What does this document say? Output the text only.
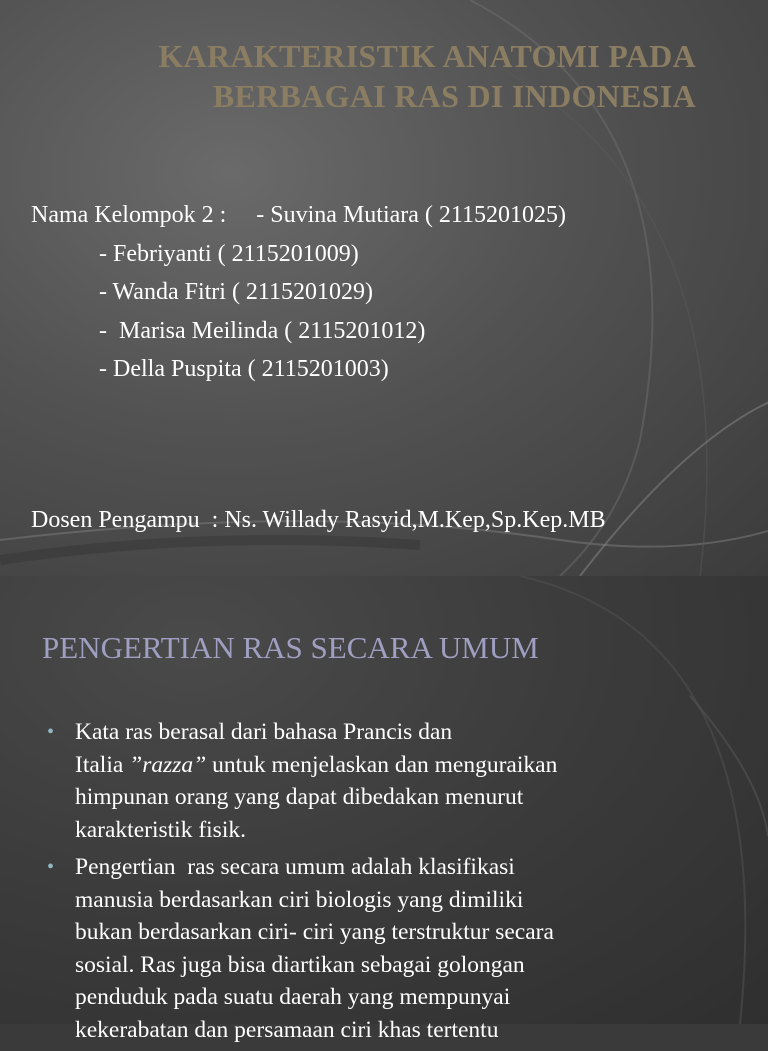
KARAKTERISTIK ANATOMI PADA
BERBAGAI RAS DI INDONESIA
Nama Kelompok 2 :     - Suvina Mutiara ( 2115201025)
- Febriyanti ( 2115201009)
- Wanda Fitri ( 2115201029)
-  Marisa Meilinda ( 2115201012)
- Della Puspita ( 2115201003)
Dosen Pengampu  : Ns. Willady Rasyid,M.Kep,Sp.Kep.MB
PENGERTIAN RAS SECARA UMUM
• Kata ras berasal dari bahasa Prancis dan
Italia ”razza” untuk menjelaskan dan menguraikan
himpunan orang yang dapat dibedakan menurut
karakteristik fisik.
• Pengertian  ras secara umum adalah klasifikasi
manusia berdasarkan ciri biologis yang dimiliki
bukan berdasarkan ciri- ciri yang terstruktur secara
sosial. Ras juga bisa diartikan sebagai golongan
penduduk pada suatu daerah yang mempunyai
kekerabatan dan persamaan ciri khas tertentu
